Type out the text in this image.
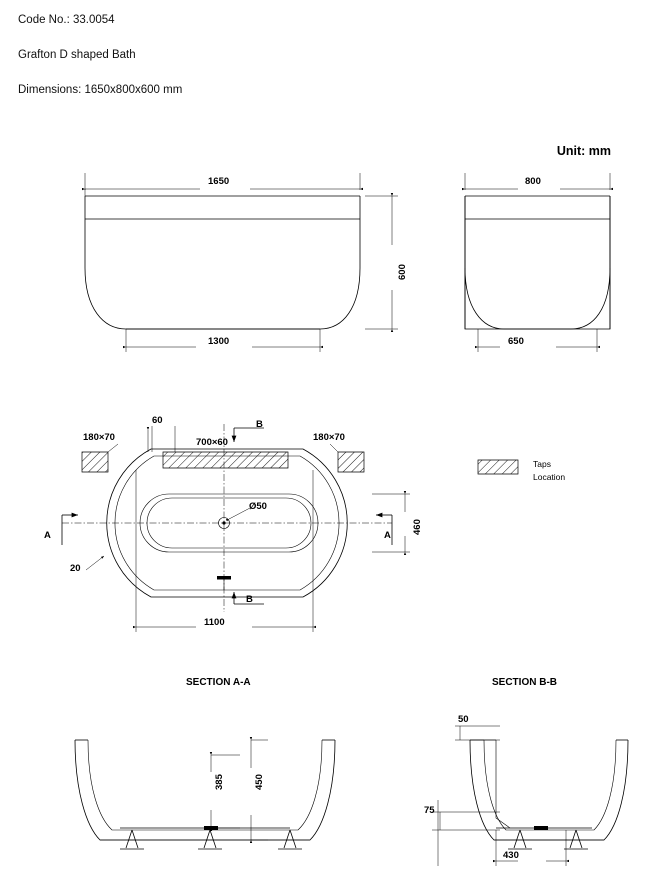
Code No.: 33.0054
Grafton D shaped Bath
Dimensions: 1650x800x600 mm
Unit: mm
1650
600
1300
800
650
180×70	180×70
60
700×60
Ø50
460
1100
20
A	A
B
B
Taps
Location
SECTION A-A	SECTION B-B
385	450
50
75
430
